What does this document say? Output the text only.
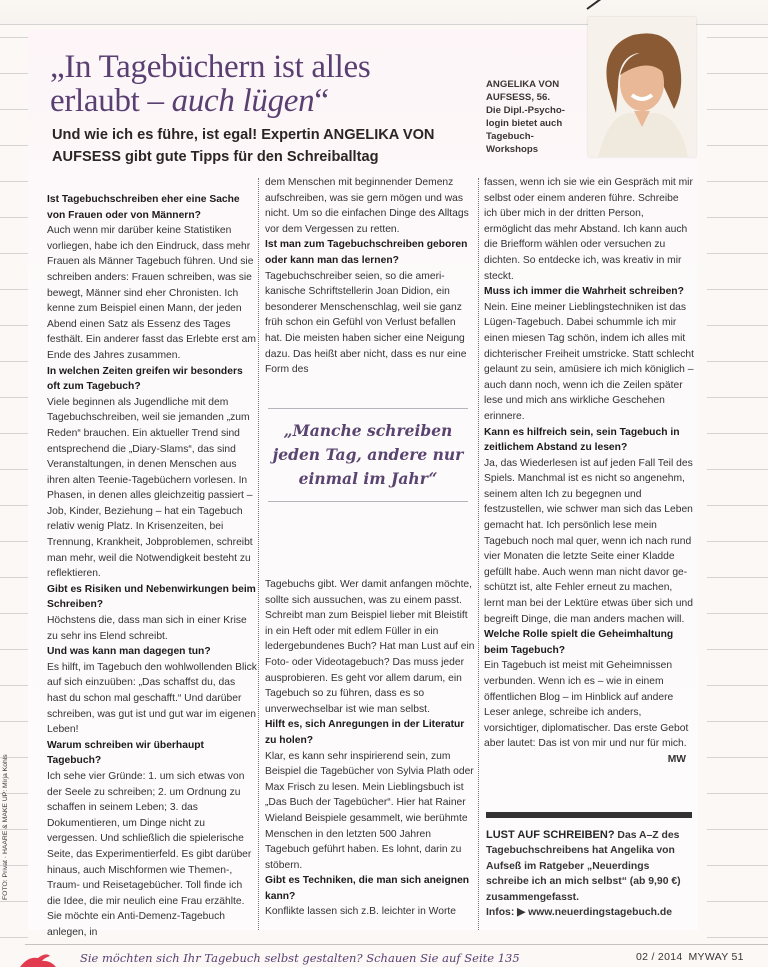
„In Tagebüchern ist alles
erlaubt – auch lügen“
Und wie ich es führe, ist egal! Expertin ANGELIKA VON AUFSESS gibt gute Tipps für den Schreiballtag
ANGELIKA VON AUFSESS, 56.
Die Dipl.-Psychologin bietet auch Tagebuch-Workshops

Ist Tagebuchschreiben eher eine Sache von Frauen oder von Männern?

Auch wenn mir darüber keine Statistiken vorliegen, habe ich den Eindruck, dass mehr Frauen als Männer Tagebuch führen. Und sie schreiben anders: Frauen schreiben, was sie bewegt, Männer sind eher Chronisten. Ich kenne zum Beispiel einen Mann, der jeden Abend einen Satz als Essenz des Tages festhält. Ein anderer fasst das Erlebte erst am Ende des Jahres zusammen.

In welchen Zeiten greifen wir besonders oft zum Tagebuch?

Viele beginnen als Jugendliche mit dem Tagebuchschreiben, weil sie jemanden „zum Reden“ brauchen. Ein aktueller Trend sind entsprechend die „Diary-Slams“, das sind Veranstaltungen, in denen Menschen aus ihren alten Teenie-Tagebüchern vorlesen. In Phasen, in denen alles gleichzeitig passiert – Job, Kinder, Beziehung – hat ein Tagebuch relativ wenig Platz. In Krisenzeiten, bei Trennung, Krankheit, Jobproblemen, schreibt man mehr, weil die Notwendigkeit besteht zu reflektieren.

Gibt es Risiken und Nebenwirkungen beim Schreiben?

Höchstens die, dass man sich in einer Krise zu sehr ins Elend schreibt.

Und was kann man dagegen tun?

Es hilft, im Tagebuch den wohlwollenden Blick auf sich einzuüben: „Das schaffst du, das hast du schon mal geschafft.“ Und darüber schreiben, was gut ist und gut war im eigenen Leben!

Warum schreiben wir überhaupt Tagebuch?

Ich sehe vier Gründe: 1. um sich etwas von der Seele zu schreiben; 2. um Ordnung zu schaffen in seinem Leben; 3. das Dokumentieren, um Dinge nicht zu vergessen. Und schließlich die spielerische Seite, das Experimentierfeld. Es gibt darüber hinaus, auch Mischformen wie Themen-, Traum- und Reisetagebücher. Toll finde ich die Idee, die mir neulich eine Frau erzählte. Sie möchte ein Anti-Demenz-Tagebuch anlegen, in

dem Menschen mit beginnender Demenz aufschreiben, was sie gern mögen und was nicht. Um so die einfachen Dinge des Alltags vor dem Vergessen zu retten.

Ist man zum Tagebuchschreiben geboren oder kann man das lernen?

Tagebuchschreiber seien, so die amerikanische Schriftstellerin Joan Didion, ein besonderer Menschenschlag, weil sie ganz früh schon ein Gefühl von Verlust befallen hat. Die meisten haben sicher eine Neigung dazu. Das heißt aber nicht, dass es nur eine Form des

„Manche schreiben jeden Tag, andere nur einmal im Jahr“

Tagebuchs gibt. Wer damit anfangen möchte, sollte sich aussuchen, was zu einem passt. Schreibt man zum Beispiel lieber mit Bleistift in ein Heft oder mit edlem Füller in ein ledergebundenes Buch? Hat man Lust auf ein Foto- oder Videotagebuch? Das muss jeder ausprobieren. Es geht vor allem darum, ein Tagebuch so zu führen, dass es so unverwechselbar ist wie man selbst.

Hilft es, sich Anregungen in der Literatur zu holen?

Klar, es kann sehr inspirierend sein, zum Beispiel die Tagebücher von Sylvia Plath oder Max Frisch zu lesen. Mein Lieblingsbuch ist „Das Buch der Tagebücher“. Hier hat Rainer Wieland Beispiele gesammelt, wie berühmte Menschen in den letzten 500 Jahren Tagebuch geführt haben. Es lohnt, darin zu stöbern.

Gibt es Techniken, die man sich aneignen kann?

Konflikte lassen sich z.B. leichter in Worte

fassen, wenn ich sie wie ein Gespräch mit mir selbst oder einem anderen führe. Schreibe ich über mich in der dritten Person, ermöglicht das mehr Abstand. Ich kann auch die Briefform wählen oder versuchen zu dichten. So entdecke ich, was kreativ in mir steckt.

Muss ich immer die Wahrheit schreiben?

Nein. Eine meiner Lieblingstechniken ist das Lügen-Tagebuch. Dabei schummle ich mir einen miesen Tag schön, indem ich alles mit dichterischer Freiheit umstricke. Statt schlecht gelaunt zu sein, amüsiere ich mich königlich – auch dann noch, wenn ich die Zeilen später lese und mich ans wirkliche Geschehen erinnere.

Kann es hilfreich sein, sein Tagebuch in zeitlichem Abstand zu lesen?

Ja, das Wiederlesen ist auf jeden Fall Teil des Spiels. Manchmal ist es nicht so angenehm, seinem alten Ich zu begegnen und festzustellen, wie schwer man sich das Leben gemacht hat. Ich persönlich lese mein Tagebuch noch mal quer, wenn ich nach rund vier Monaten die letzte Seite einer Kladde gefüllt habe. Auch wenn man nicht davor geschützt ist, alte Fehler erneut zu machen, lernt man bei der Lektüre etwas über sich und begreift Dinge, die man anders machen will.

Welche Rolle spielt die Geheimhaltung beim Tagebuch?

Ein Tagebuch ist meist mit Geheimnissen verbunden. Wenn ich es – wie in einem öffentlichen Blog – im Hinblick auf andere Leser anlege, schreibe ich anders, vorsichtiger, diplomatischer. Das erste Gebot aber lautet: Das ist von mir und nur für mich.
MW

LUST AUF SCHREIBEN? Das A–Z des Tagebuchschreibens hat Angelika von Aufseß im Ratgeber „Neuerdings schreibe ich an mich selbst“ (ab 9,90 €) zusammengefasst.
Infos: ▶ www.neuerdingstagebuch.de
FOTO: Privat · HAARE & MAKE UP: Mirja Kohls
Sie möchten sich Ihr Tagebuch selbst gestalten? Schauen Sie auf Seite 135	02 / 2014 MYWAY 51
